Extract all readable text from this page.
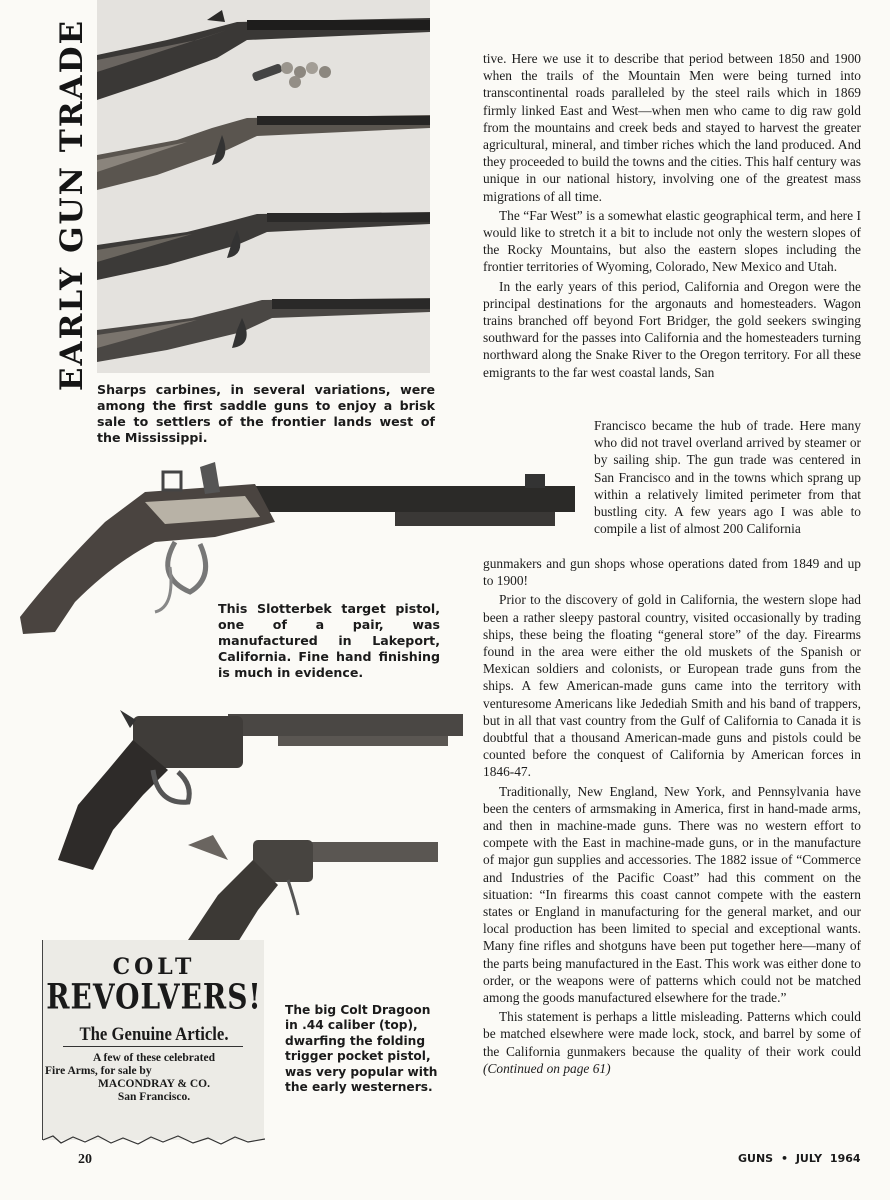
EARLY GUN TRADE Sharps carbines, in several variations, were among the first saddle guns to enjoy a brisk sale to settlers of the frontier lands west of the Mississippi.
This Slotterbek target pistol, one of a pair, was manufactured in Lakeport, California. Fine hand finishing is much in evidence.
COLT
REVOLVERS!
The Genuine Article.
A few of these celebrated
Fire Arms, for sale by
MACONDRAY & CO.
San Francisco.
The big Colt Dragoon in .44 caliber (top), dwarfing the folding trigger pocket pistol, was very popular with the early westerners.

tive. Here we use it to describe that period between 1850 and 1900 when the trails of the Mountain Men were being turned into transcontinental roads paralleled by the steel rails which in 1869 firmly linked East and West—when men who came to dig raw gold from the mountains and creek beds and stayed to harvest the greater agricultural, mineral, and timber riches which the land produced. And they proceeded to build the towns and the cities. This half century was unique in our national history, involving one of the greatest mass migrations of all time.

The “Far West” is a somewhat elastic geographical term, and here I would like to stretch it a bit to include not only the western slopes of the Rocky Mountains, but also the eastern slopes including the frontier territories of Wyoming, Colorado, New Mexico and Utah.

In the early years of this period, California and Oregon were the principal destinations for the argonauts and homesteaders. Wagon trains branched off beyond Fort Bridger, the gold seekers swinging southward for the passes into California and the homesteaders turning northward along the Snake River to the Oregon territory. For all these emigrants to the far west coastal lands, San

Francisco became the hub of trade. Here many who did not travel overland arrived by steamer or by sailing ship. The gun trade was centered in San Francisco and in the towns which sprang up within a relatively limited perimeter from that bustling city. A few years ago I was able to compile a list of almost 200 California

gunmakers and gun shops whose operations dated from 1849 and up to 1900!

Prior to the discovery of gold in California, the western slope had been a rather sleepy pastoral country, visited occasionally by trading ships, these being the floating “general store” of the day. Firearms found in the area were either the old muskets of the Spanish or Mexican soldiers and colonists, or European trade guns from the ships. A few American-made guns came into the territory with venturesome Americans like Jedediah Smith and his band of trappers, but in all that vast country from the Gulf of California to Canada it is doubtful that a thousand American-made guns and pistols could be counted before the conquest of California by American forces in 1846-47.

Traditionally, New England, New York, and Pennsylvania have been the centers of armsmaking in America, first in hand-made arms, and then in machine-made guns. There was no western effort to compete with the East in machine-made guns, or in the manufacture of major gun supplies and accessories. The 1882 issue of “Commerce and Industries of the Pacific Coast” had this comment on the situation: “In firearms this coast cannot compete with the eastern states or England in manufacturing for the general market, and our local production has been limited to special and exceptional wants. Many fine rifles and shotguns have been put together here—many of the parts being manufactured in the East. This work was either done to order, or the weapons were of patterns which could not be matched among the goods manufactured elsewhere for the trade.”

This statement is perhaps a little misleading. Patterns which could be matched elsewhere were made lock, stock, and barrel by some of the California gunmakers because the quality of their work could (Continued on page 61)

20	GUNS • JULY 1964
